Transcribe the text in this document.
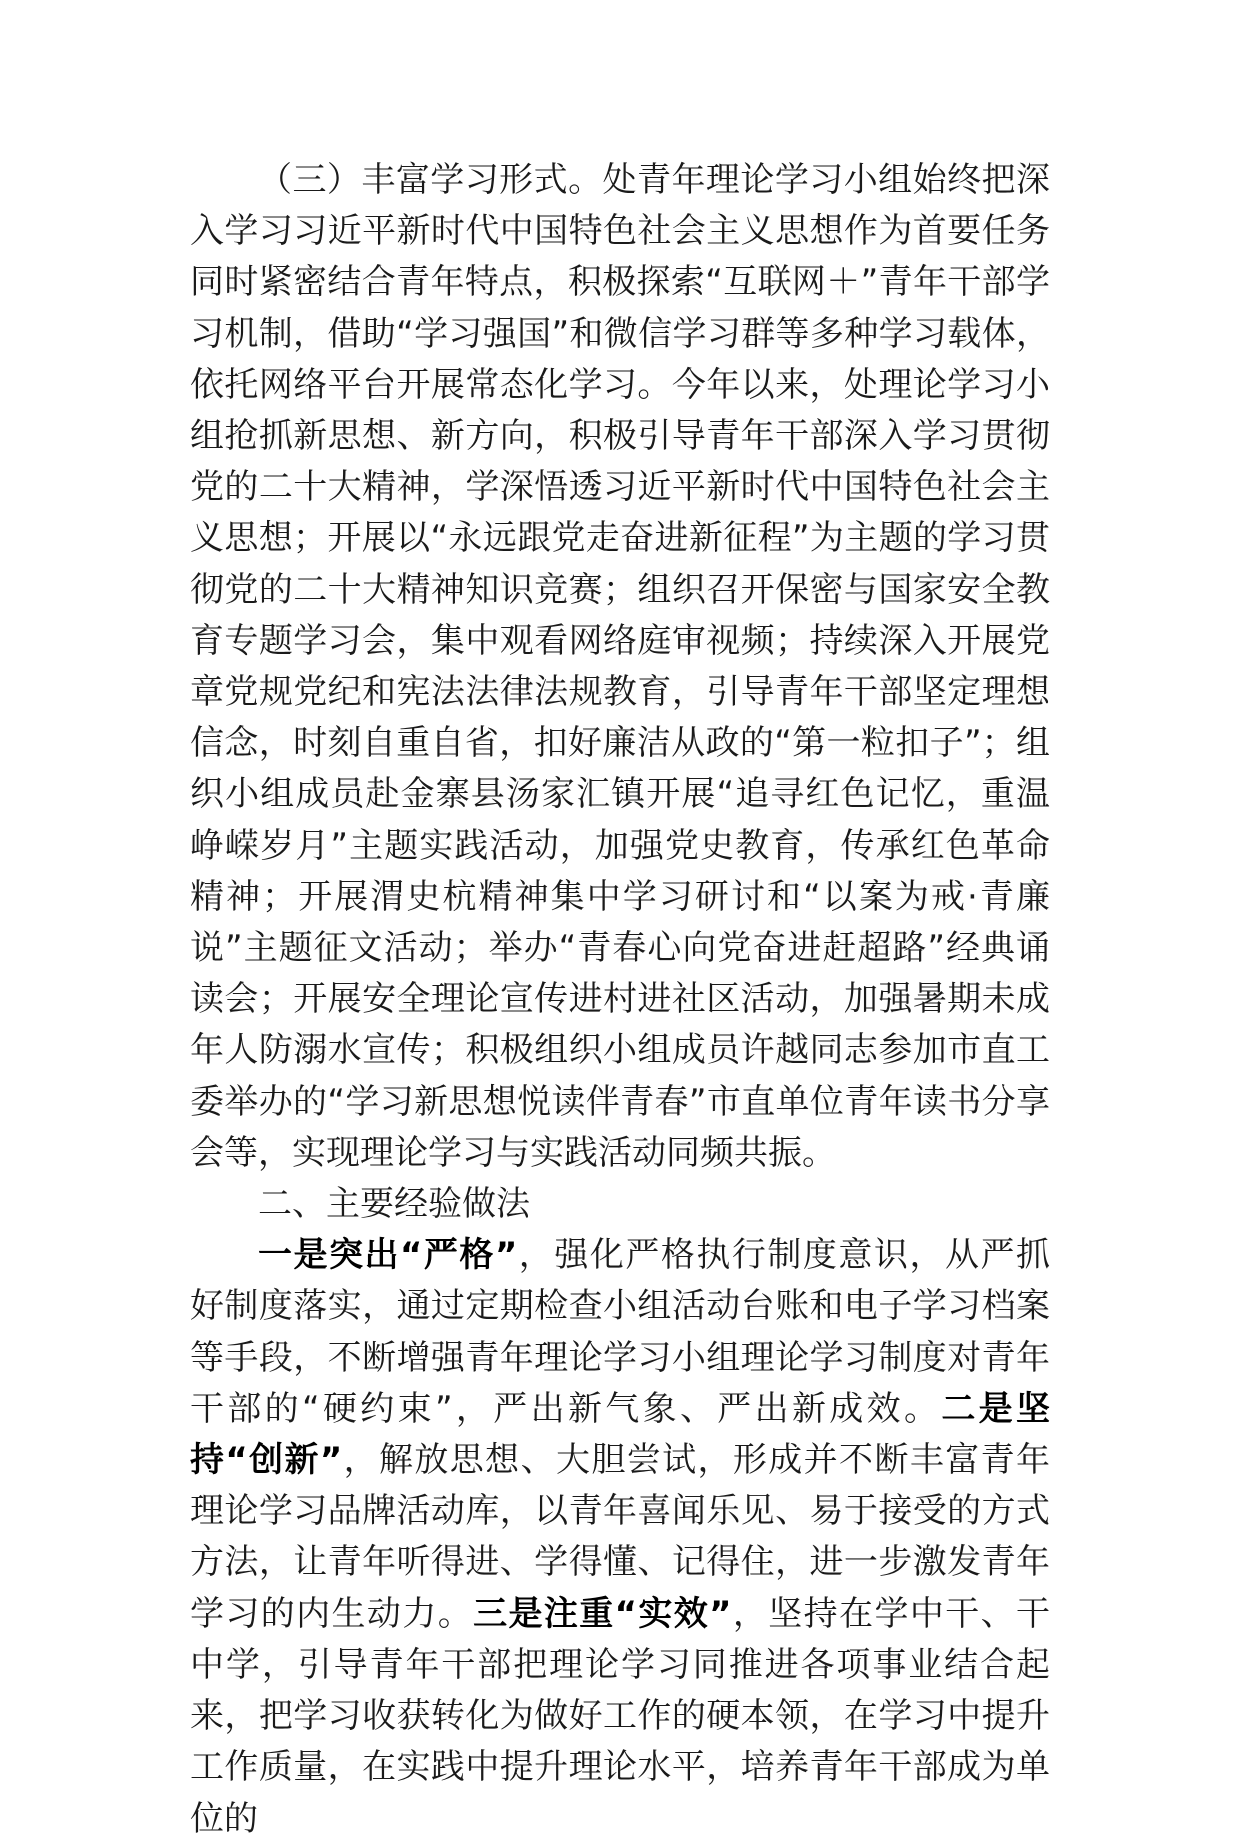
（三）丰富学习形式。处青年理论学习小组始终把深入学习习近平新时代中国特色社会主义思想作为首要任务同时紧密结合青年特点，积极探索“互联网＋”青年干部学习机制，借助“学习强国”和微信学习群等多种学习载体，依托网络平台开展常态化学习。今年以来，处理论学习小组抢抓新思想、新方向，积极引导青年干部深入学习贯彻党的二十大精神，学深悟透习近平新时代中国特色社会主义思想；开展以“永远跟党走奋进新征程”为主题的学习贯彻党的二十大精神知识竞赛；组织召开保密与国家安全教育专题学习会，集中观看网络庭审视频；持续深入开展党章党规党纪和宪法法律法规教育，引导青年干部坚定理想信念，时刻自重自省，扣好廉洁从政的“第一粒扣子”；组织小组成员赴金寨县汤家汇镇开展“追寻红色记忆，重温峥嵘岁月”主题实践活动，加强党史教育，传承红色革命精神；开展渭史杭精神集中学习研讨和“以案为戒·青廉说”主题征文活动；举办“青春心向党奋进赶超路”经典诵读会；开展安全理论宣传进村进社区活动，加强暑期未成年人防溺水宣传；积极组织小组成员许越同志参加市直工委举办的“学习新思想悦读伴青春”市直单位青年读书分享会等，实现理论学习与实践活动同频共振。

二、主要经验做法

一是突出“严格”，强化严格执行制度意识，从严抓好制度落实，通过定期检查小组活动台账和电子学习档案等手段，不断增强青年理论学习小组理论学习制度对青年干部的“硬约束”，严出新气象、严出新成效。二是坚持“创新”，解放思想、大胆尝试，形成并不断丰富青年理论学习品牌活动库，以青年喜闻乐见、易于接受的方式方法，让青年听得进、学得懂、记得住，进一步激发青年学习的内生动力。三是注重“实效”，坚持在学中干、干中学，引导青年干部把理论学习同推进各项事业结合起来，把学习收获转化为做好工作的硬本领，在学习中提升工作质量，在实践中提升理论水平，培养青年干部成为单位的
